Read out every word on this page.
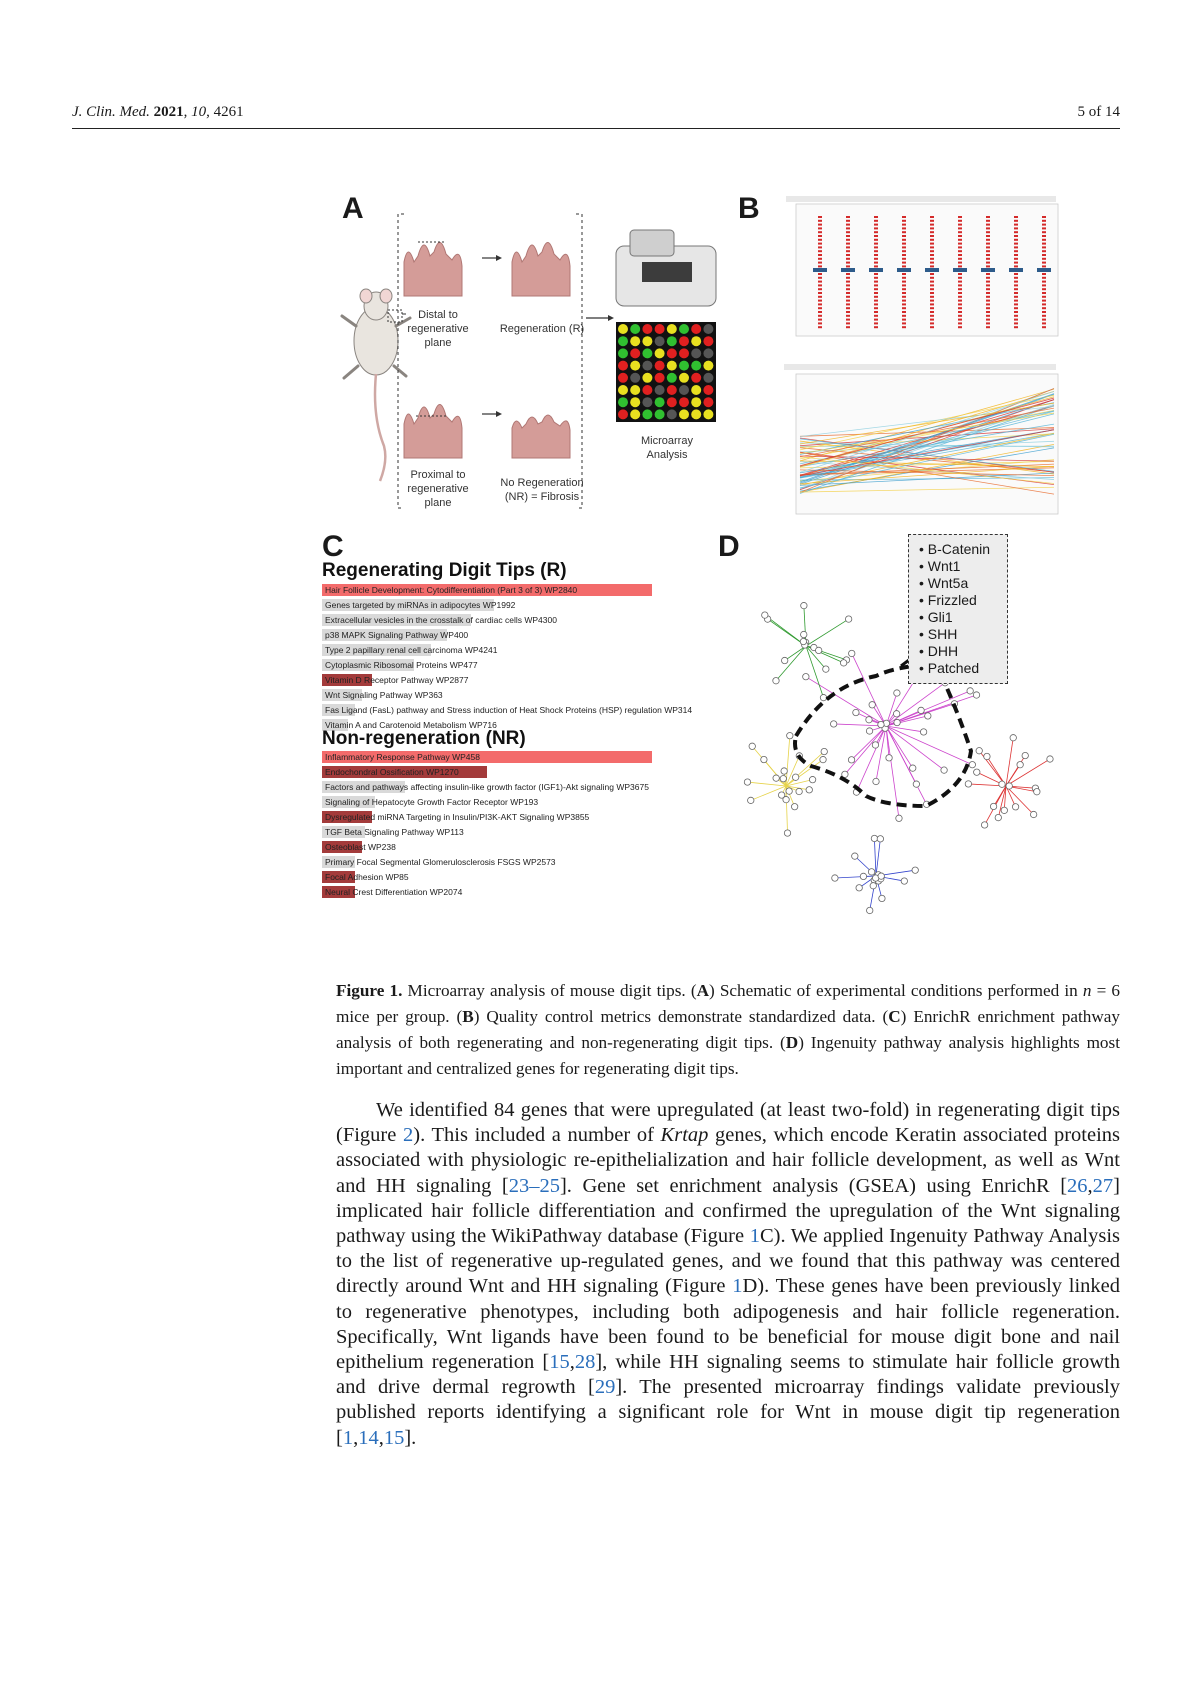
J. Clin. Med. 2021, 10, 4261	5 of 14
A
Distal to
regenerative
plane
Regeneration (R)
Proximal to
regenerative
plane
No Regeneration
(NR) = Fibrosis
Microarray
Analysis
B
C
Regenerating Digit Tips (R)
Hair Follicle Development: Cytodifferentiation (Part 3 of 3) WP2840
Genes targeted by miRNAs in adipocytes WP1992
Extracellular vesicles in the crosstalk of cardiac cells WP4300
p38 MAPK Signaling Pathway WP400
Type 2 papillary renal cell carcinoma WP4241
Cytoplasmic Ribosomal Proteins WP477
Vitamin D Receptor Pathway WP2877
Wnt Signaling Pathway WP363
Fas Ligand (FasL) pathway and Stress induction of Heat Shock Proteins (HSP) regulation WP314
Vitamin A and Carotenoid Metabolism WP716
Non-regeneration (NR)
Inflammatory Response Pathway WP458
Endochondral Ossification WP1270
Factors and pathways affecting insulin-like growth factor (IGF1)-Akt signaling WP3675
Signaling of Hepatocyte Growth Factor Receptor WP193
Dysregulated miRNA Targeting in Insulin/PI3K-AKT Signaling WP3855
TGF Beta Signaling Pathway WP113
Osteoblast WP238
Primary Focal Segmental Glomerulosclerosis FSGS WP2573
Focal Adhesion WP85
Neural Crest Differentiation WP2074
D	• B-Catenin
• Wnt1
• Wnt5a
• Frizzled
• Gli1
• SHH
• DHH
• Patched
Figure 1. Microarray analysis of mouse digit tips. (A) Schematic of experimental conditions performed in n = 6 mice per group. (B) Quality control metrics demonstrate standardized data. (C) EnrichR enrichment pathway analysis of both regenerating and non-regenerating digit tips. (D) Ingenuity pathway analysis highlights most important and centralized genes for regenerating digit tips.

We identified 84 genes that were upregulated (at least two-fold) in regenerating digit tips (Figure 2). This included a number of Krtap genes, which encode Keratin associated proteins associated with physiologic re-epithelialization and hair follicle development, as well as Wnt and HH signaling [23–25]. Gene set enrichment analysis (GSEA) using EnrichR [26,27] implicated hair follicle differentiation and confirmed the upregulation of the Wnt signaling pathway using the WikiPathway database (Figure 1C). We applied Ingenuity Pathway Analysis to the list of regenerative up-regulated genes, and we found that this pathway was centered directly around Wnt and HH signaling (Figure 1D). These genes have been previously linked to regenerative phenotypes, including both adipogenesis and hair follicle regeneration. Specifically, Wnt ligands have been found to be beneficial for mouse digit bone and nail epithelium regeneration [15,28], while HH signaling seems to stimulate hair follicle growth and drive dermal regrowth [29]. The presented microarray findings validate previously published reports identifying a significant role for Wnt in mouse digit tip regeneration [1,14,15].
